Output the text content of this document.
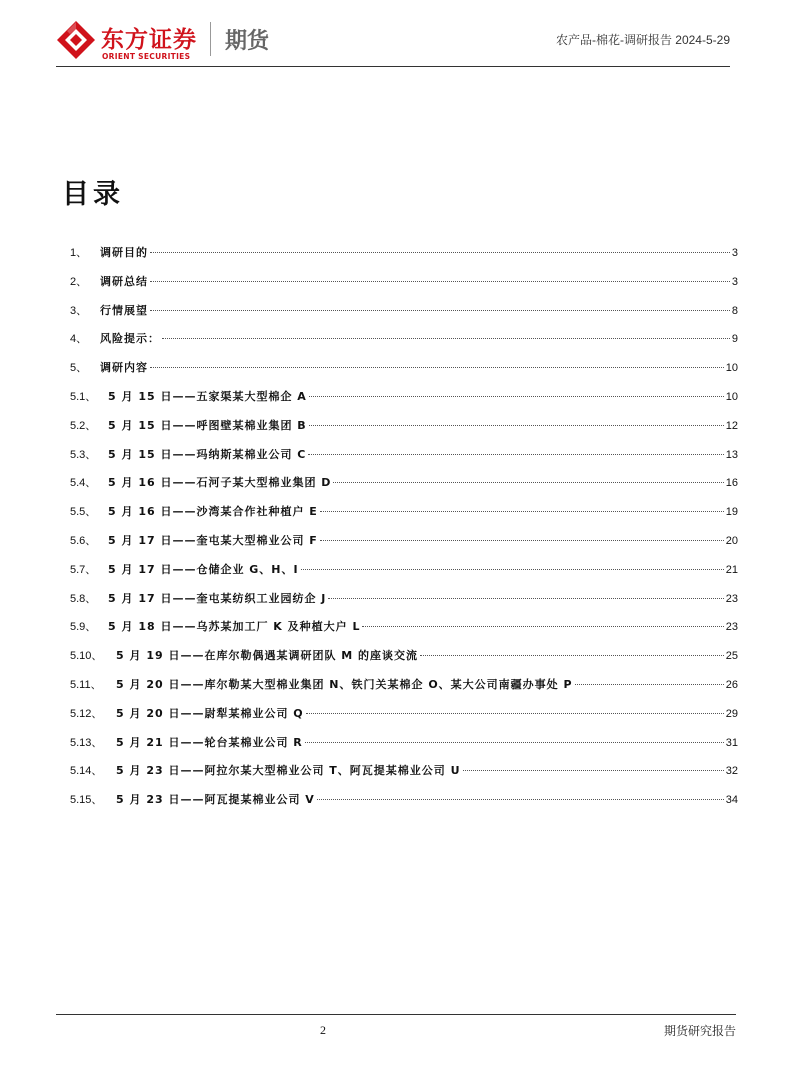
东方证券
ORIENT SECURITIES
期货	农产品-棉花-调研报告 2024-5-29
目录
1、	调研目的	3
2、	调研总结	3
3、	行情展望	8
4、	风险提示：	9
5、	调研内容	10
5.1、	5 月 15 日——五家渠某大型棉企 A	10
5.2、	5 月 15 日——呼图壁某棉业集团 B	12
5.3、	5 月 15 日——玛纳斯某棉业公司 C	13
5.4、	5 月 16 日——石河子某大型棉业集团 D	16
5.5、	5 月 16 日——沙湾某合作社种植户 E	19
5.6、	5 月 17 日——奎屯某大型棉业公司 F	20
5.7、	5 月 17 日——仓储企业 G、H、I	21
5.8、	5 月 17 日——奎屯某纺织工业园纺企 J	23
5.9、	5 月 18 日——乌苏某加工厂 K 及种植大户 L	23
5.10、	5 月 19 日——在库尔勒偶遇某调研团队 M 的座谈交流	25
5.11、	5 月 20 日——库尔勒某大型棉业集团 N、铁门关某棉企 O、某大公司南疆办事处 P	26
5.12、	5 月 20 日——尉犁某棉业公司 Q	29
5.13、	5 月 21 日——轮台某棉业公司 R	31
5.14、	5 月 23 日——阿拉尔某大型棉业公司 T、阿瓦提某棉业公司 U	32
5.15、	5 月 23 日——阿瓦提某棉业公司 V	34
2	期货研究报告
